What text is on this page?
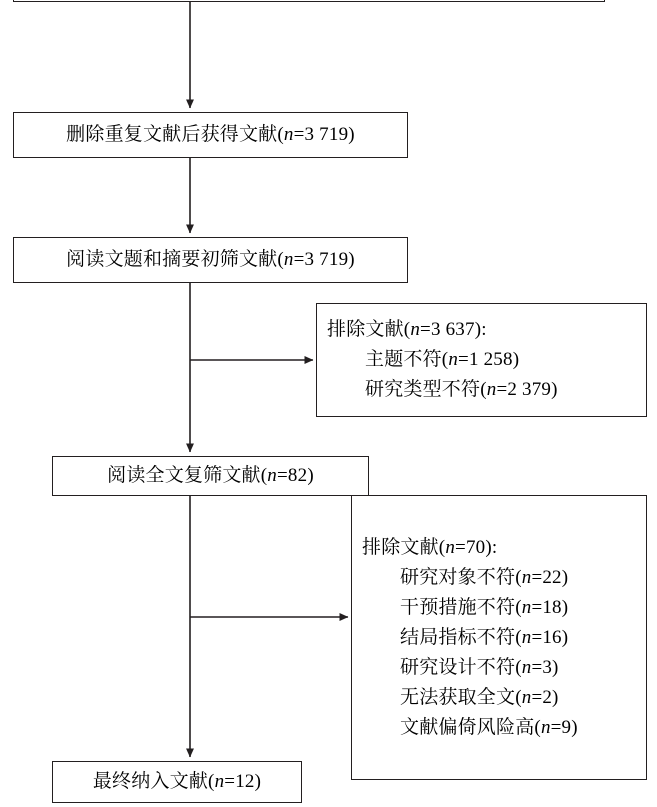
删除重复文献后获得文献(n=3 719)
阅读文题和摘要初筛文献(n=3 719)
排除文献(n=3 637):
主题不符(n=1 258)
研究类型不符(n=2 379)
阅读全文复筛文献(n=82)
排除文献(n=70):
研究对象不符(n=22)
干预措施不符(n=18)
结局指标不符(n=16)
研究设计不符(n=3)
无法获取全文(n=2)
文献偏倚风险高(n=9)
最终纳入文献(n=12)
